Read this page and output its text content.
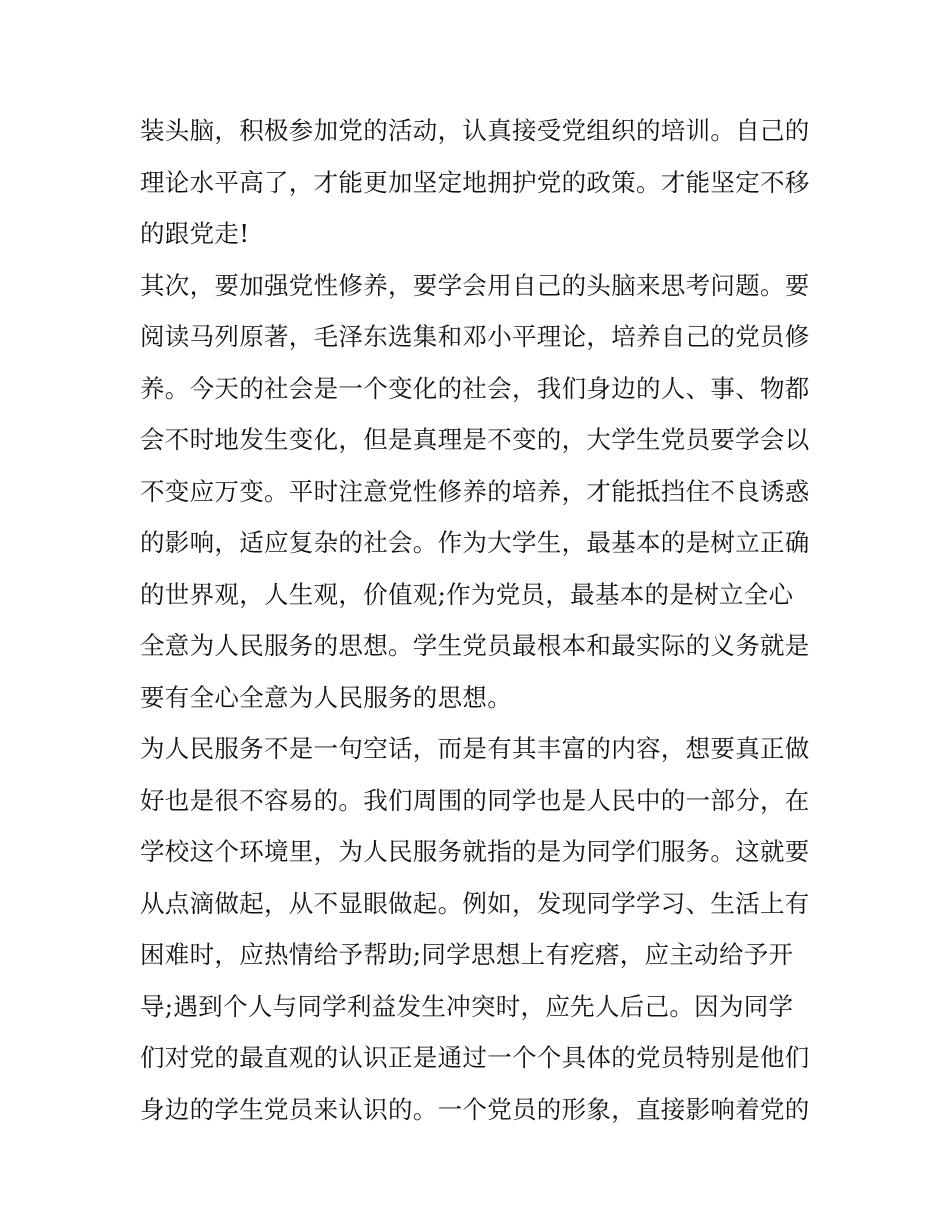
装头脑，积极参加党的活动，认真接受党组织的培训。自己的
理论水平高了，才能更加坚定地拥护党的政策。才能坚定不移
的跟党走!
其次，要加强党性修养，要学会用自己的头脑来思考问题。要
阅读马列原著，毛泽东选集和邓小平理论，培养自己的党员修
养。今天的社会是一个变化的社会，我们身边的人、事、物都
会不时地发生变化，但是真理是不变的，大学生党员要学会以
不变应万变。平时注意党性修养的培养，才能抵挡住不良诱惑
的影响，适应复杂的社会。作为大学生，最基本的是树立正确
的世界观，人生观，价值观;作为党员，最基本的是树立全心
全意为人民服务的思想。学生党员最根本和最实际的义务就是
要有全心全意为人民服务的思想。
为人民服务不是一句空话，而是有其丰富的内容，想要真正做
好也是很不容易的。我们周围的同学也是人民中的一部分，在
学校这个环境里，为人民服务就指的是为同学们服务。这就要
从点滴做起，从不显眼做起。例如，发现同学学习、生活上有
困难时，应热情给予帮助;同学思想上有疙瘩，应主动给予开
导;遇到个人与同学利益发生冲突时，应先人后己。因为同学
们对党的最直观的认识正是通过一个个具体的党员特别是他们
身边的学生党员来认识的。一个党员的形象，直接影响着党的
